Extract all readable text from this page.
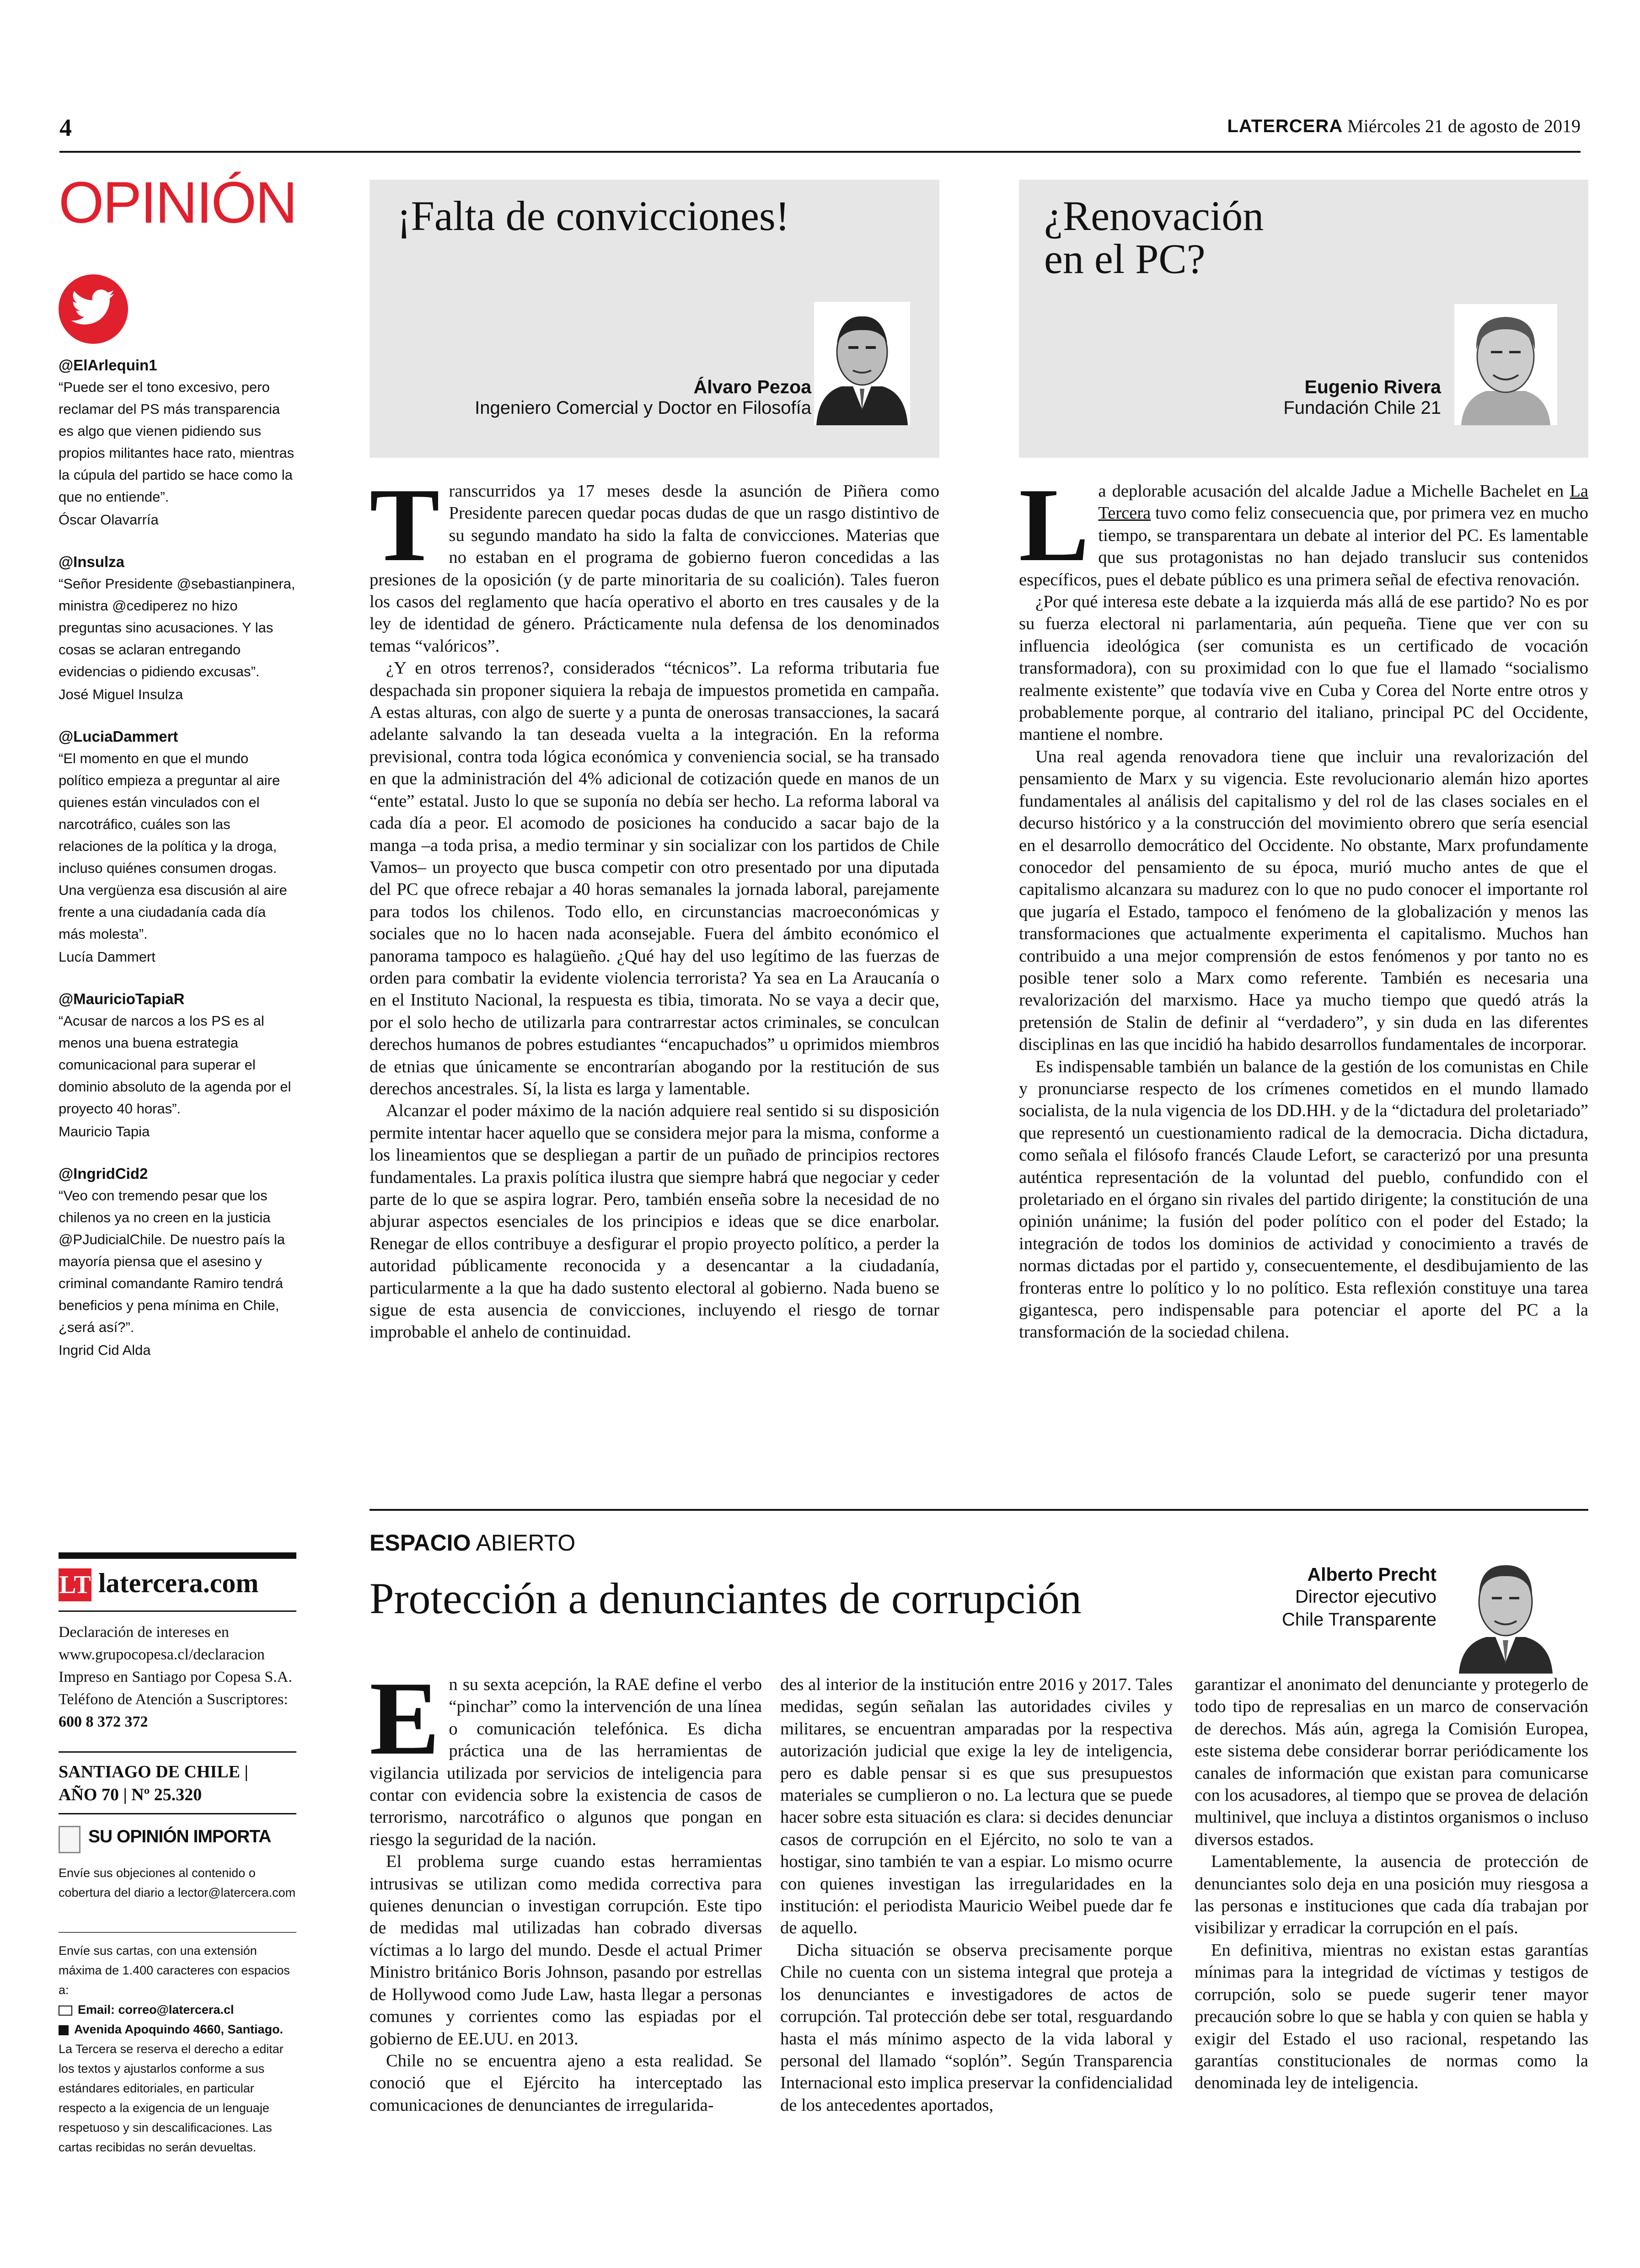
4	LATERCERA Miércoles 21 de agosto de 2019
OPINIÓN
@ElArlequin1
“Puede ser el tono excesivo, pero reclamar del PS más transparencia es algo que vienen pidiendo sus propios militantes hace rato, mientras la cúpula del partido se hace como la que no entiende”.
Óscar Olavarría
@Insulza
“Señor Presidente @sebastianpinera, ministra @cediperez no hizo preguntas sino acusaciones. Y las cosas se aclaran entregando evidencias o pidiendo excusas”.
José Miguel Insulza
@LuciaDammert
“El momento en que el mundo político empieza a preguntar al aire quienes están vinculados con el narcotráfico, cuáles son las relaciones de la política y la droga, incluso quiénes consumen drogas. Una vergüenza esa discusión al aire frente a una ciudadanía cada día más molesta”.
Lucía Dammert
@MauricioTapiaR
“Acusar de narcos a los PS es al menos una buena estrategia comunicacional para superar el dominio absoluto de la agenda por el proyecto 40 horas”.
Mauricio Tapia
@IngridCid2
“Veo con tremendo pesar que los chilenos ya no creen en la justicia @PJudicialChile. De nuestro país la mayoría piensa que el asesino y criminal comandante Ramiro tendrá beneficios y pena mínima en Chile, ¿será así?”.
Ingrid Cid Alda
LT latercera.com
Declaración de intereses en www.grupocopesa.cl/declaracion Impreso en Santiago por Copesa S.A. Teléfono de Atención a Suscriptores: 600 8 372 372
SANTIAGO DE CHILE |
AÑO 70 | Nº 25.320
SU OPINIÓN IMPORTA
Envíe sus objeciones al contenido o cobertura del diario a lector@latercera.com
Envíe sus cartas, con una extensión máxima de 1.400 caracteres con espacios a:
Email: correo@latercera.cl
Avenida Apoquindo 4660, Santiago.
La Tercera se reserva el derecho a editar los textos y ajustarlos conforme a sus estándares editoriales, en particular respecto a la exigencia de un lenguaje respetuoso y sin descalificaciones. Las cartas recibidas no serán devueltas.
¡Falta de convicciones!
Álvaro Pezoa
Ingeniero Comercial y Doctor en Filosofía
¿Renovación
en el PC?
Eugenio Rivera
Fundación Chile 21

Transcurridos ya 17 meses desde la asunción de Piñera como Presidente parecen quedar pocas dudas de que un rasgo distintivo de su segundo mandato ha sido la falta de convicciones. Materias que no estaban en el programa de gobierno fueron concedidas a las presiones de la oposición (y de parte minoritaria de su coalición). Tales fueron los casos del reglamento que hacía operativo el aborto en tres causales y de la ley de identidad de género. Prácticamente nula defensa de los denominados temas “valóricos”.

¿Y en otros terrenos?, considerados “técnicos”. La reforma tributaria fue despachada sin proponer siquiera la rebaja de impuestos prometida en campaña. A estas alturas, con algo de suerte y a punta de onerosas transacciones, la sacará adelante salvando la tan deseada vuelta a la integración. En la reforma previsional, contra toda lógica económica y conveniencia social, se ha transado en que la administración del 4% adicional de cotización quede en manos de un “ente” estatal. Justo lo que se suponía no debía ser hecho. La reforma laboral va cada día a peor. El acomodo de posiciones ha conducido a sacar bajo de la manga –a toda prisa, a medio terminar y sin socializar con los partidos de Chile Vamos– un proyecto que busca competir con otro presentado por una diputada del PC que ofrece rebajar a 40 horas semanales la jornada laboral, parejamente para todos los chilenos. Todo ello, en circunstancias macroeconómicas y sociales que no lo hacen nada aconsejable. Fuera del ámbito económico el panorama tampoco es halagüeño. ¿Qué hay del uso legítimo de las fuerzas de orden para combatir la evidente violencia terrorista? Ya sea en La Araucanía o en el Instituto Nacional, la respuesta es tibia, timorata. No se vaya a decir que, por el solo hecho de utilizarla para contrarrestar actos criminales, se conculcan derechos humanos de pobres estudiantes “encapuchados” u oprimidos miembros de etnias que únicamente se encontrarían abogando por la restitución de sus derechos ancestrales. Sí, la lista es larga y lamentable.

Alcanzar el poder máximo de la nación adquiere real sentido si su disposición permite intentar hacer aquello que se considera mejor para la misma, conforme a los lineamientos que se despliegan a partir de un puñado de principios rectores fundamentales. La praxis política ilustra que siempre habrá que negociar y ceder parte de lo que se aspira lograr. Pero, también enseña sobre la necesidad de no abjurar aspectos esenciales de los principios e ideas que se dice enarbolar. Renegar de ellos contribuye a desfigurar el propio proyecto político, a perder la autoridad públicamente reconocida y a desencantar a la ciudadanía, particularmente a la que ha dado sustento electoral al gobierno. Nada bueno se sigue de esta ausencia de convicciones, incluyendo el riesgo de tornar improbable el anhelo de continuidad.

La deplorable acusación del alcalde Jadue a Michelle Bachelet en La Tercera tuvo como feliz consecuencia que, por primera vez en mucho tiempo, se transparentara un debate al interior del PC. Es lamentable que sus protagonistas no han dejado translucir sus contenidos específicos, pues el debate público es una primera señal de efectiva renovación.

¿Por qué interesa este debate a la izquierda más allá de ese partido? No es por su fuerza electoral ni parlamentaria, aún pequeña. Tiene que ver con su influencia ideológica (ser comunista es un certificado de vocación transformadora), con su proximidad con lo que fue el llamado “socialismo realmente existente” que todavía vive en Cuba y Corea del Norte entre otros y probablemente porque, al contrario del italiano, principal PC del Occidente, mantiene el nombre.

Una real agenda renovadora tiene que incluir una revalorización del pensamiento de Marx y su vigencia. Este revolucionario alemán hizo aportes fundamentales al análisis del capitalismo y del rol de las clases sociales en el decurso histórico y a la construcción del movimiento obrero que sería esencial en el desarrollo democrático del Occidente. No obstante, Marx profundamente conocedor del pensamiento de su época, murió mucho antes de que el capitalismo alcanzara su madurez con lo que no pudo conocer el importante rol que jugaría el Estado, tampoco el fenómeno de la globalización y menos las transformaciones que actualmente experimenta el capitalismo. Muchos han contribuido a una mejor comprensión de estos fenómenos y por tanto no es posible tener solo a Marx como referente. También es necesaria una revalorización del marxismo. Hace ya mucho tiempo que quedó atrás la pretensión de Stalin de definir al “verdadero”, y sin duda en las diferentes disciplinas en las que incidió ha habido desarrollos fundamentales de incorporar.

Es indispensable también un balance de la gestión de los comunistas en Chile y pronunciarse respecto de los crímenes cometidos en el mundo llamado socialista, de la nula vigencia de los DD.HH. y de la “dictadura del proletariado” que representó un cuestionamiento radical de la democracia. Dicha dictadura, como señala el filósofo francés Claude Lefort, se caracterizó por una presunta auténtica representación de la voluntad del pueblo, confundido con el proletariado en el órgano sin rivales del partido dirigente; la constitución de una opinión unánime; la fusión del poder político con el poder del Estado; la integración de todos los dominios de actividad y conocimiento a través de normas dictadas por el partido y, consecuentemente, el desdibujamiento de las fronteras entre lo político y lo no político. Esta reflexión constituye una tarea gigantesca, pero indispensable para potenciar el aporte del PC a la transformación de la sociedad chilena.

ESPACIO ABIERTO
Protección a denunciantes de corrupción	Alberto Precht
Director ejecutivo
Chile Transparente

En su sexta acepción, la RAE define el verbo “pinchar” como la intervención de una línea o comunicación telefónica. Es dicha práctica una de las herramientas de vigilancia utilizada por servicios de inteligencia para contar con evidencia sobre la existencia de casos de terrorismo, narcotráfico o algunos que pongan en riesgo la seguridad de la nación.

El problema surge cuando estas herramientas intrusivas se utilizan como medida correctiva para quienes denuncian o investigan corrupción. Este tipo de medidas mal utilizadas han cobrado diversas víctimas a lo largo del mundo. Desde el actual Primer Ministro británico Boris Johnson, pasando por estrellas de Hollywood como Jude Law, hasta llegar a personas comunes y corrientes como las espiadas por el gobierno de EE.UU. en 2013.

Chile no se encuentra ajeno a esta realidad. Se conoció que el Ejército ha interceptado las comunicaciones de denunciantes de irregularida-

des al interior de la institución entre 2016 y 2017. Tales medidas, según señalan las autoridades civiles y militares, se encuentran amparadas por la respectiva autorización judicial que exige la ley de inteligencia, pero es dable pensar si es que sus presupuestos materiales se cumplieron o no. La lectura que se puede hacer sobre esta situación es clara: si decides denunciar casos de corrupción en el Ejército, no solo te van a hostigar, sino también te van a espiar. Lo mismo ocurre con quienes investigan las irregularidades en la institución: el periodista Mauricio Weibel puede dar fe de aquello.

Dicha situación se observa precisamente porque Chile no cuenta con un sistema integral que proteja a los denunciantes e investigadores de actos de corrupción. Tal protección debe ser total, resguardando hasta el más mínimo aspecto de la vida laboral y personal del llamado “soplón”. Según Transparencia Internacional esto implica preservar la confidencialidad de los antecedentes aportados,

garantizar el anonimato del denunciante y protegerlo de todo tipo de represalias en un marco de conservación de derechos. Más aún, agrega la Comisión Europea, este sistema debe considerar borrar periódicamente los canales de información que existan para comunicarse con los acusadores, al tiempo que se provea de delación multinivel, que incluya a distintos organismos o incluso diversos estados.

Lamentablemente, la ausencia de protección de denunciantes solo deja en una posición muy riesgosa a las personas e instituciones que cada día trabajan por visibilizar y erradicar la corrupción en el país.

En definitiva, mientras no existan estas garantías mínimas para la integridad de víctimas y testigos de corrupción, solo se puede sugerir tener mayor precaución sobre lo que se habla y con quien se habla y exigir del Estado el uso racional, respetando las garantías constitucionales de normas como la denominada ley de inteligencia.
